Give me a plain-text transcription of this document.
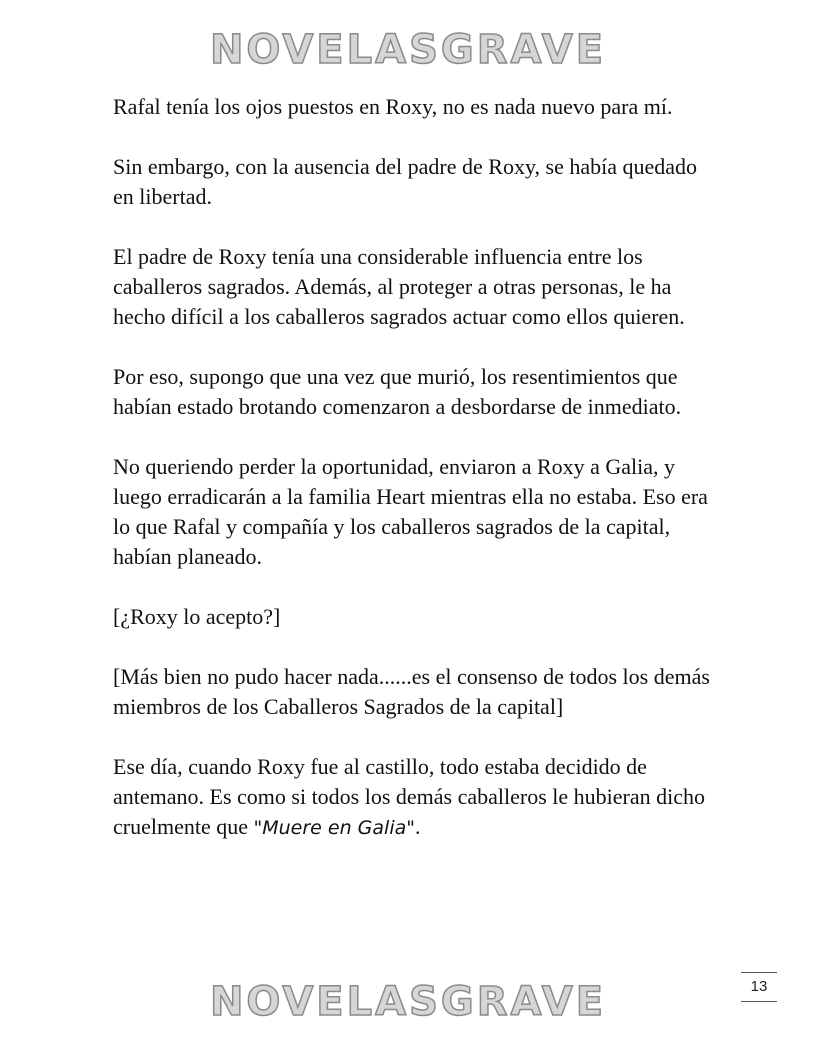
NOVELASGRAVE

Rafal tenía los ojos puestos en Roxy, no es nada nuevo para mí.

Sin embargo, con la ausencia del padre de Roxy, se había quedado en libertad.

El padre de Roxy tenía una considerable influencia entre los caballeros sagrados. Además, al proteger a otras personas, le ha hecho difícil a los caballeros sagrados actuar como ellos quieren.

Por eso, supongo que una vez que murió, los resentimientos que habían estado brotando comenzaron a desbordarse de inmediato.

No queriendo perder la oportunidad, enviaron a Roxy a Galia, y luego erradicarán a la familia Heart mientras ella no estaba. Eso era lo que Rafal y compañía y los caballeros sagrados de la capital, habían planeado.

[¿Roxy lo acepto?]

[Más bien no pudo hacer nada......es el consenso de todos los demás miembros de los Caballeros Sagrados de la capital]

Ese día, cuando Roxy fue al castillo, todo estaba decidido de antemano. Es como si todos los demás caballeros le hubieran dicho cruelmente que "Muere en Galia".

13
NOVELASGRAVE
